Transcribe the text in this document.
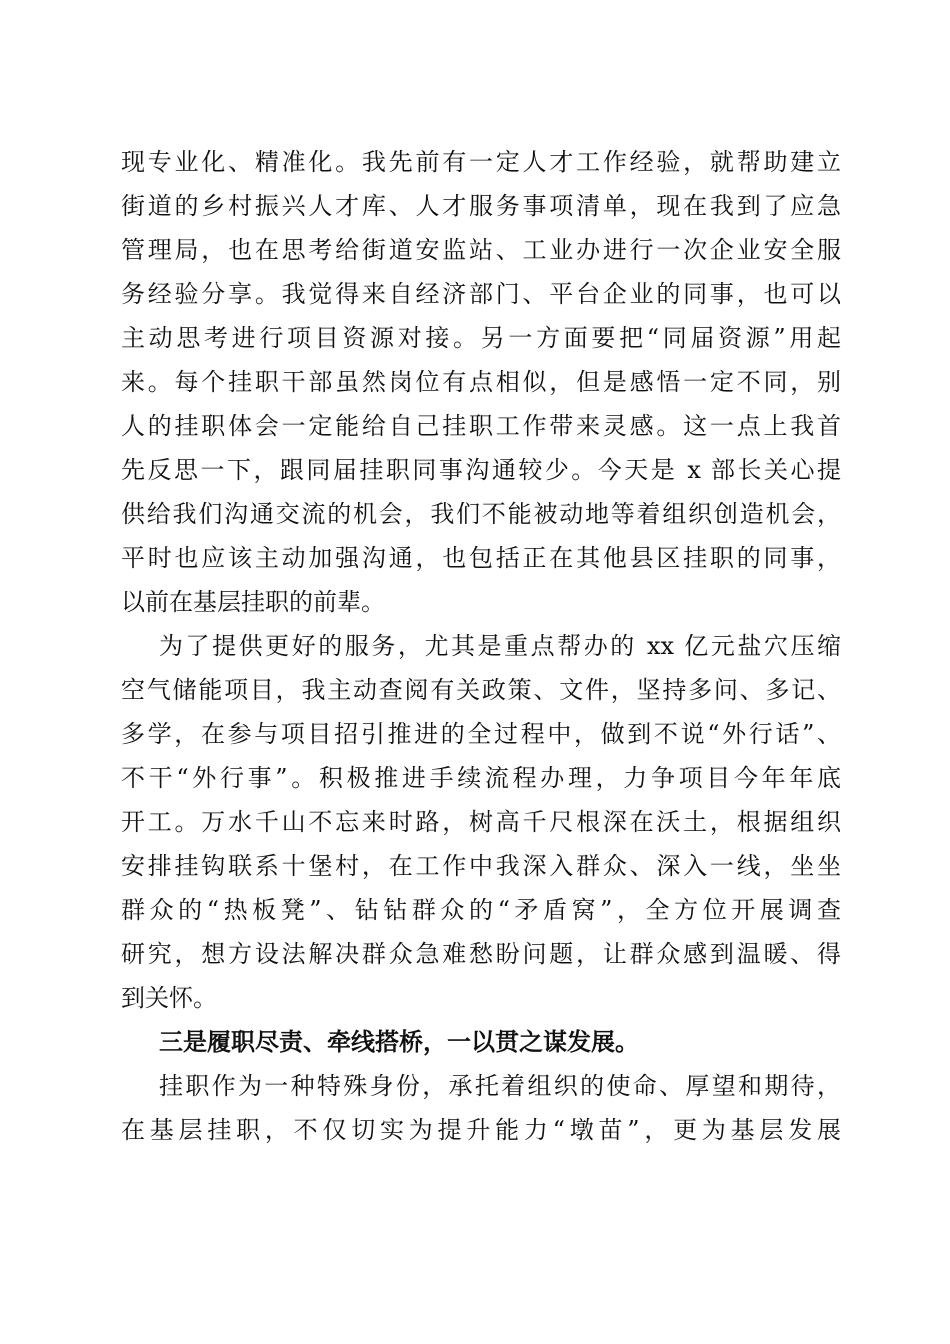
现专业化、精准化。我先前有一定人才工作经验，就帮助建立
街道的乡村振兴人才库、人才服务事项清单，现在我到了应急
管理局，也在思考给街道安监站、工业办进行一次企业安全服
务经验分享。我觉得来自经济部门、平台企业的同事，也可以
主动思考进行项目资源对接。另一方面要把“同届资源”用起
来。每个挂职干部虽然岗位有点相似，但是感悟一定不同，别
人的挂职体会一定能给自己挂职工作带来灵感。这一点上我首
先反思一下，跟同届挂职同事沟通较少。今天是 x 部长关心提
供给我们沟通交流的机会，我们不能被动地等着组织创造机会，
平时也应该主动加强沟通，也包括正在其他县区挂职的同事，
以前在基层挂职的前辈。
为了提供更好的服务，尤其是重点帮办的 xx 亿元盐穴压缩
空气储能项目，我主动查阅有关政策、文件，坚持多问、多记、
多学，在参与项目招引推进的全过程中，做到不说“外行话”、
不干“外行事”。积极推进手续流程办理，力争项目今年年底
开工。万水千山不忘来时路，树高千尺根深在沃土，根据组织
安排挂钩联系十堡村，在工作中我深入群众、深入一线，坐坐
群众的“热板凳”、钻钻群众的“矛盾窝”，全方位开展调查
研究，想方设法解决群众急难愁盼问题，让群众感到温暖、得
到关怀。
三是履职尽责、牵线搭桥，一以贯之谋发展。
挂职作为一种特殊身份，承托着组织的使命、厚望和期待，
在基层挂职，不仅切实为提升能力“墩苗”，更为基层发展
